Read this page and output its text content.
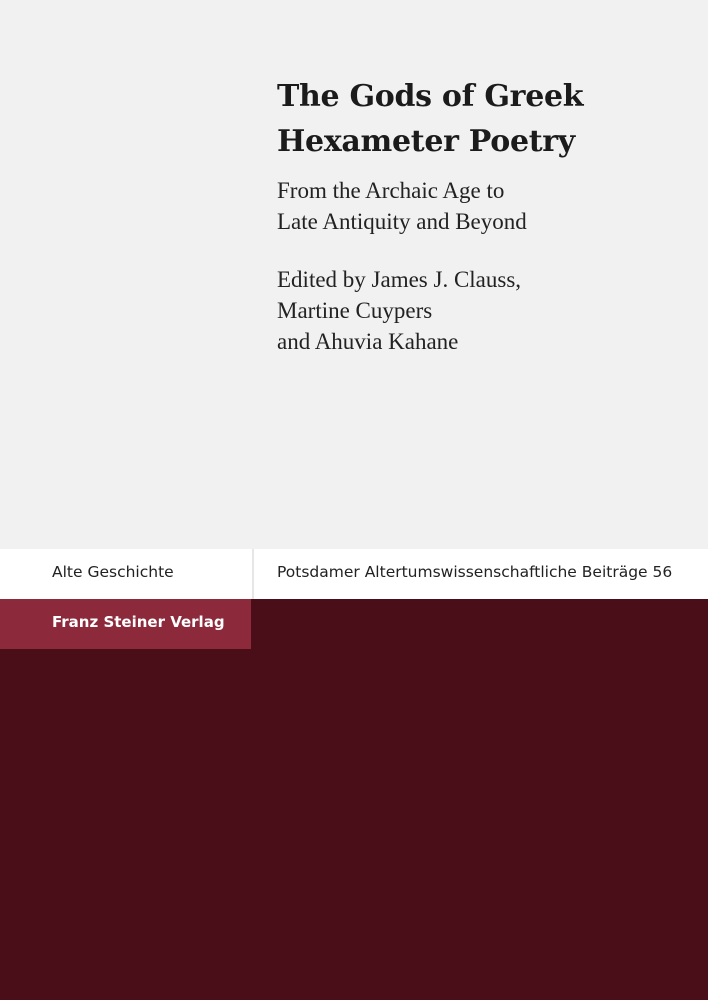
The Gods of Greek
Hexameter Poetry
From the Archaic Age to
Late Antiquity and Beyond
Edited by James J. Clauss,
Martine Cuypers
and Ahuvia Kahane
Alte Geschichte	Potsdamer Altertumswissenschaftliche Beiträge 56
Franz Steiner Verlag
